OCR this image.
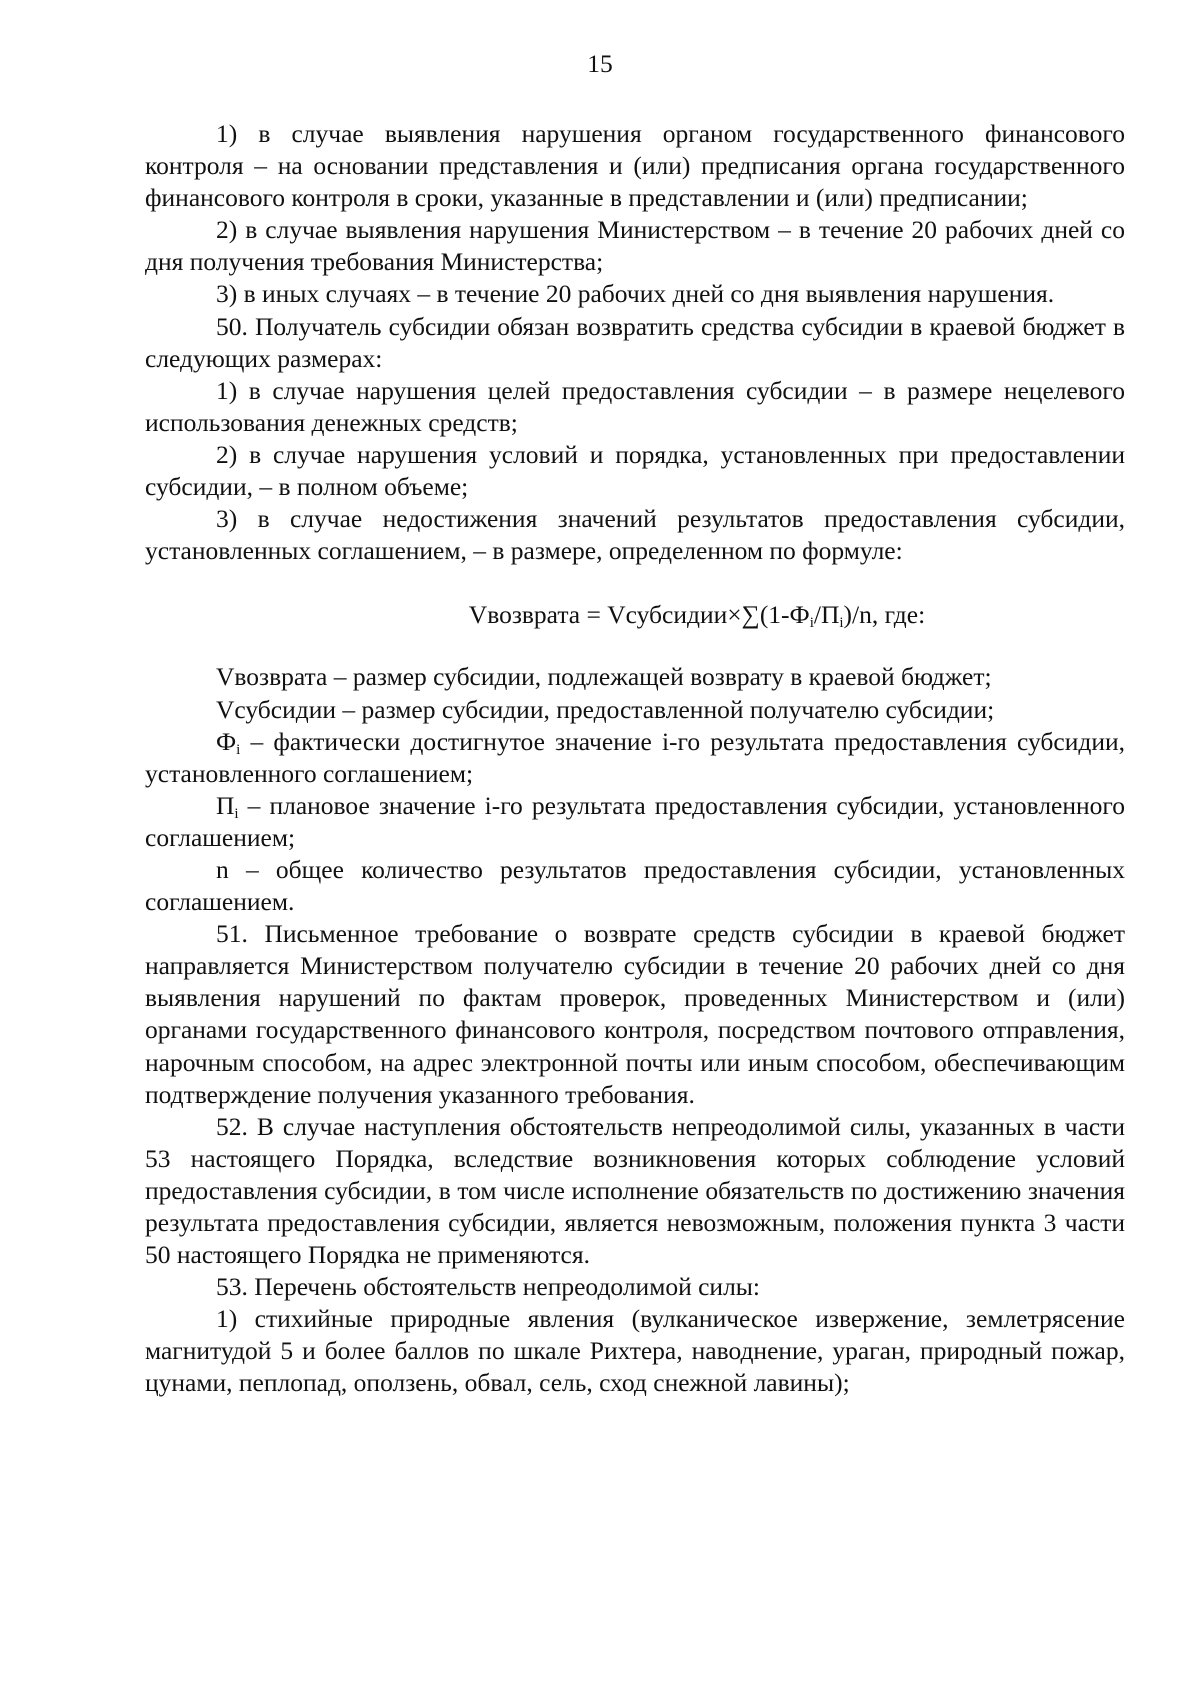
15

1) в случае выявления нарушения органом государственного финансового контроля – на основании представления и (или) предписания органа государственного финансового контроля в сроки, указанные в представлении и (или) предписании;

2) в случае выявления нарушения Министерством – в течение 20 рабочих дней со дня получения требования Министерства;

3) в иных случаях – в течение 20 рабочих дней со дня выявления нарушения.

50. Получатель субсидии обязан возвратить средства субсидии в краевой бюджет в следующих размерах:

1) в случае нарушения целей предоставления субсидии – в размере нецелевого использования денежных средств;

2) в случае нарушения условий и порядка, установленных при предоставлении субсидии, – в полном объеме;

3) в случае недостижения значений результатов предоставления субсидии, установленных соглашением, – в размере, определенном по формуле:

Vвозврата = $Vсубсидии\times\sum(1-Ф_i/П_i)/n$, где:

Vвозврата – размер субсидии, подлежащей возврату в краевой бюджет;

Vсубсидии – размер субсидии, предоставленной получателю субсидии;

$Ф_i$ – фактически достигнутое значение i-го результата предоставления субсидии, установленного соглашением;

$П_i$ – плановое значение i-го результата предоставления субсидии, установленного соглашением;

n – общее количество результатов предоставления субсидии, установленных соглашением.

51. Письменное требование о возврате средств субсидии в краевой бюджет направляется Министерством получателю субсидии в течение 20 рабочих дней со дня выявления нарушений по фактам проверок, проведенных Министерством и (или) органами государственного финансового контроля, посредством почтового отправления, нарочным способом, на адрес электронной почты или иным способом, обеспечивающим подтверждение получения указанного требования.

52. В случае наступления обстоятельств непреодолимой силы, указанных в части 53 настоящего Порядка, вследствие возникновения которых соблюдение условий предоставления субсидии, в том числе исполнение обязательств по достижению значения результата предоставления субсидии, является невозможным, положения пункта 3 части 50 настоящего Порядка не применяются.

53. Перечень обстоятельств непреодолимой силы:

1) стихийные природные явления (вулканическое извержение, землетрясение магнитудой 5 и более баллов по шкале Рихтера, наводнение, ураган, природный пожар, цунами, пеплопад, оползень, обвал, сель, сход снежной лавины);
